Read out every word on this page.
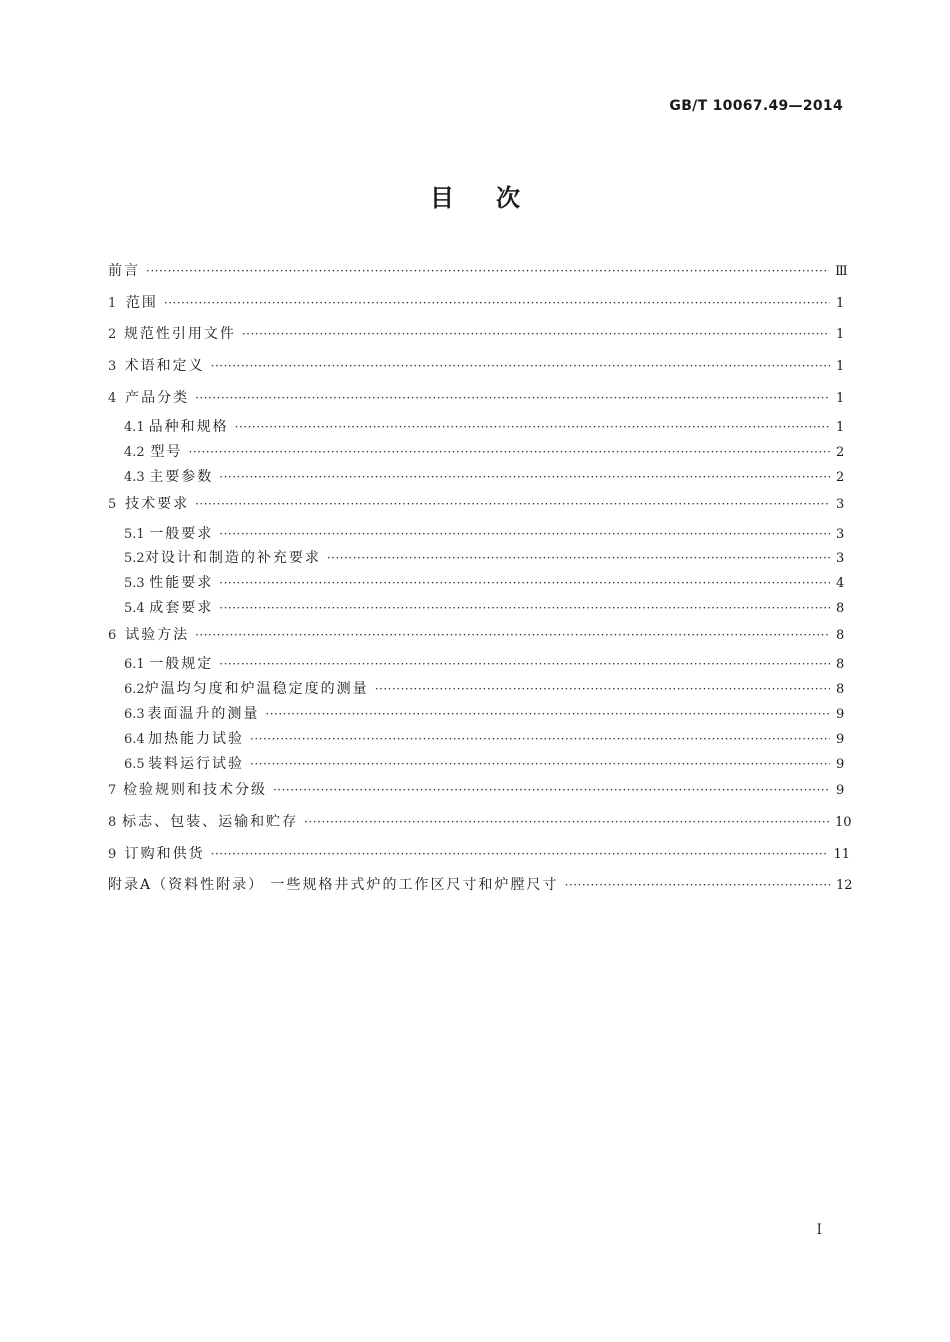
GB/T 10067.49—2014
目次
前言 ·····	Ⅲ
1 范围 ·····	1
2 规范性引用文件 ·····	1
3 术语和定义 ·····	1
4 产品分类 ·····	1
4.1 品种和规格 ·····	1
4.2 型号 ·····	2
4.3 主要参数 ·····	2
5 技术要求 ·····	3
5.1 一般要求 ·····	3
5.2 对设计和制造的补充要求 ·····	3
5.3 性能要求 ·····	4
5.4 成套要求 ·····	8
6 试验方法 ·····	8
6.1 一般规定 ·····	8
6.2 炉温均匀度和炉温稳定度的测量 ·····	8
6.3 表面温升的测量 ·····	9
6.4 加热能力试验 ·····	9
6.5 装料运行试验 ·····	9
7 检验规则和技术分级 ·····	9
8 标志、包装、运输和贮存 ·····	10
9 订购和供货 ·····	11
附录A（资料性附录） 一些规格井式炉的工作区尺寸和炉膛尺寸 ·····	12
I
